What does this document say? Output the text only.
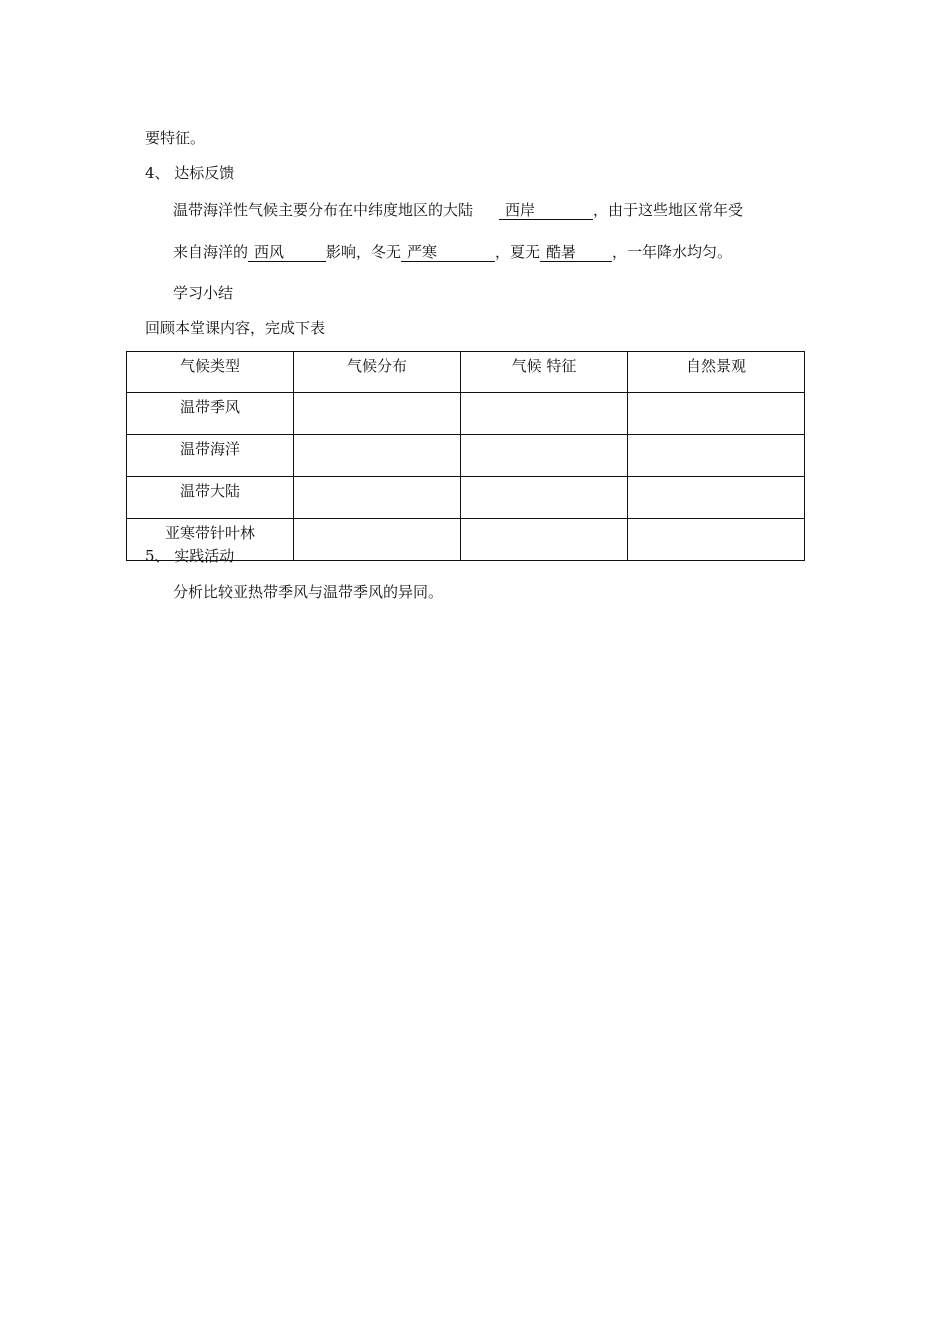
要特征。
4、 达标反馈
温带海洋性气候主要分布在中纬度地区的大陆 西岸	，由于这些地区常年受
来自海洋的 西风	影响，冬无 严寒	，夏无 酷暑 ，一年降水均匀。
学习小结
回顾本堂课内容，完成下表
气候类型	气候分布	气候 特征	自然景观
温带季风			
温带海洋			
温带大陆			
亚寒带针叶林			
5、 实践活动
分析比较亚热带季风与温带季风的异同。
